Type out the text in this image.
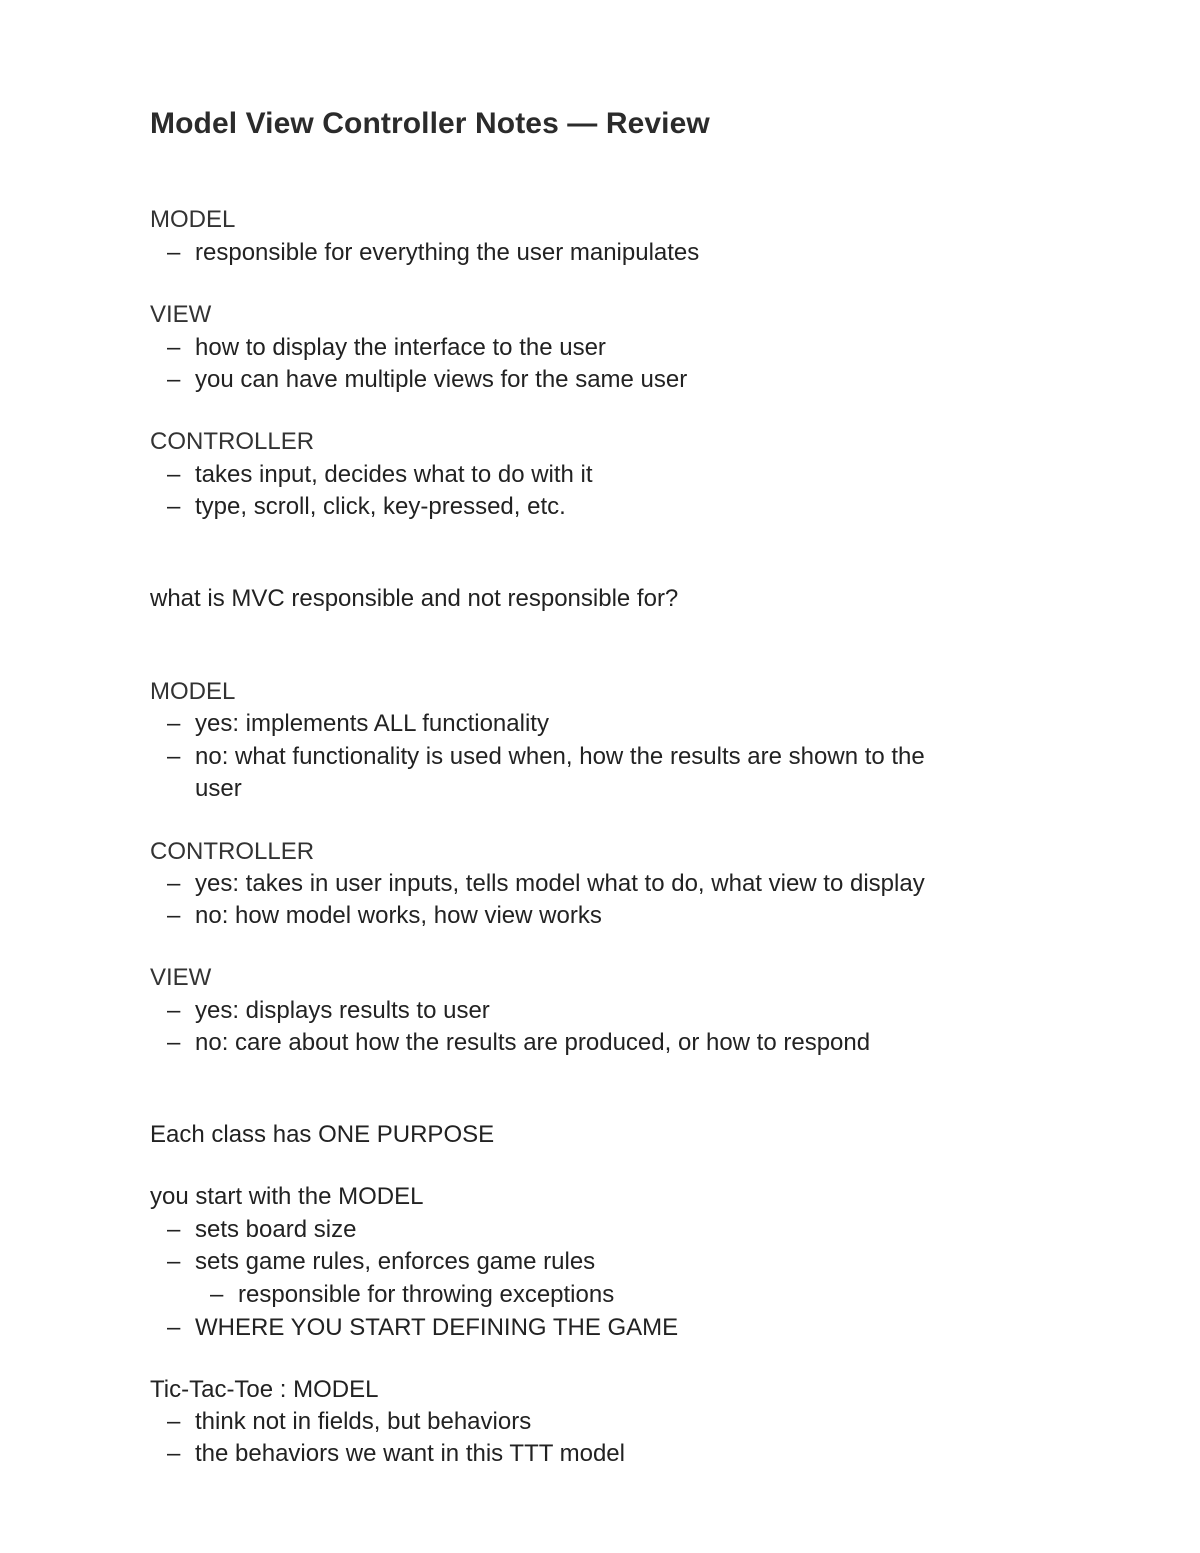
Model View Controller Notes — Review
MODEL
– responsible for everything the user manipulates
VIEW
– how to display the interface to the user
– you can have multiple views for the same user
CONTROLLER
– takes input, decides what to do with it
– type, scroll, click, key-pressed, etc.
what is MVC responsible and not responsible for?
MODEL
– yes: implements ALL functionality
– no: what functionality is used when, how the results are shown to the
user
CONTROLLER
– yes: takes in user inputs, tells model what to do, what view to display
– no: how model works, how view works
VIEW
– yes: displays results to user
– no: care about how the results are produced, or how to respond
Each class has ONE PURPOSE
you start with the MODEL
– sets board size
– sets game rules, enforces game rules
– responsible for throwing exceptions
– WHERE YOU START DEFINING THE GAME
Tic-Tac-Toe : MODEL
– think not in fields, but behaviors
– the behaviors we want in this TTT model
